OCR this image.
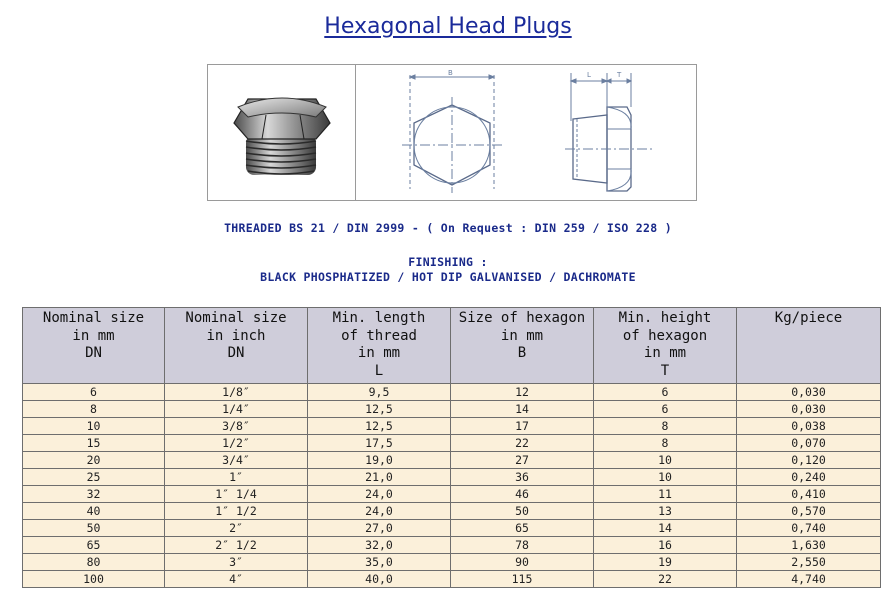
Hexagonal Head Plugs
B	L	T
THREADED BS 21 / DIN 2999 - ( On Request : DIN 259 / ISO 228 )
FINISHING :
BLACK PHOSPHATIZED / HOT DIP GALVANISED / DACHROMATE
Nominal size
in mm
DN	Nominal size
in inch
DN	Min. length
of thread
in mm
L	Size of hexagon
in mm
B	Min. height
of hexagon
in mm
T	Kg/piece

6	1/8″	9,5	12	6	0,030
8	1/4″	12,5	14	6	0,030
10	3/8″	12,5	17	8	0,038
15	1/2″	17,5	22	8	0,070
20	3/4″	19,0	27	10	0,120
25	1″	21,0	36	10	0,240
32	1″ 1/4	24,0	46	11	0,410
40	1″ 1/2	24,0	50	13	0,570
50	2″	27,0	65	14	0,740
65	2″ 1/2	32,0	78	16	1,630
80	3″	35,0	90	19	2,550
100	4″	40,0	115	22	4,740
